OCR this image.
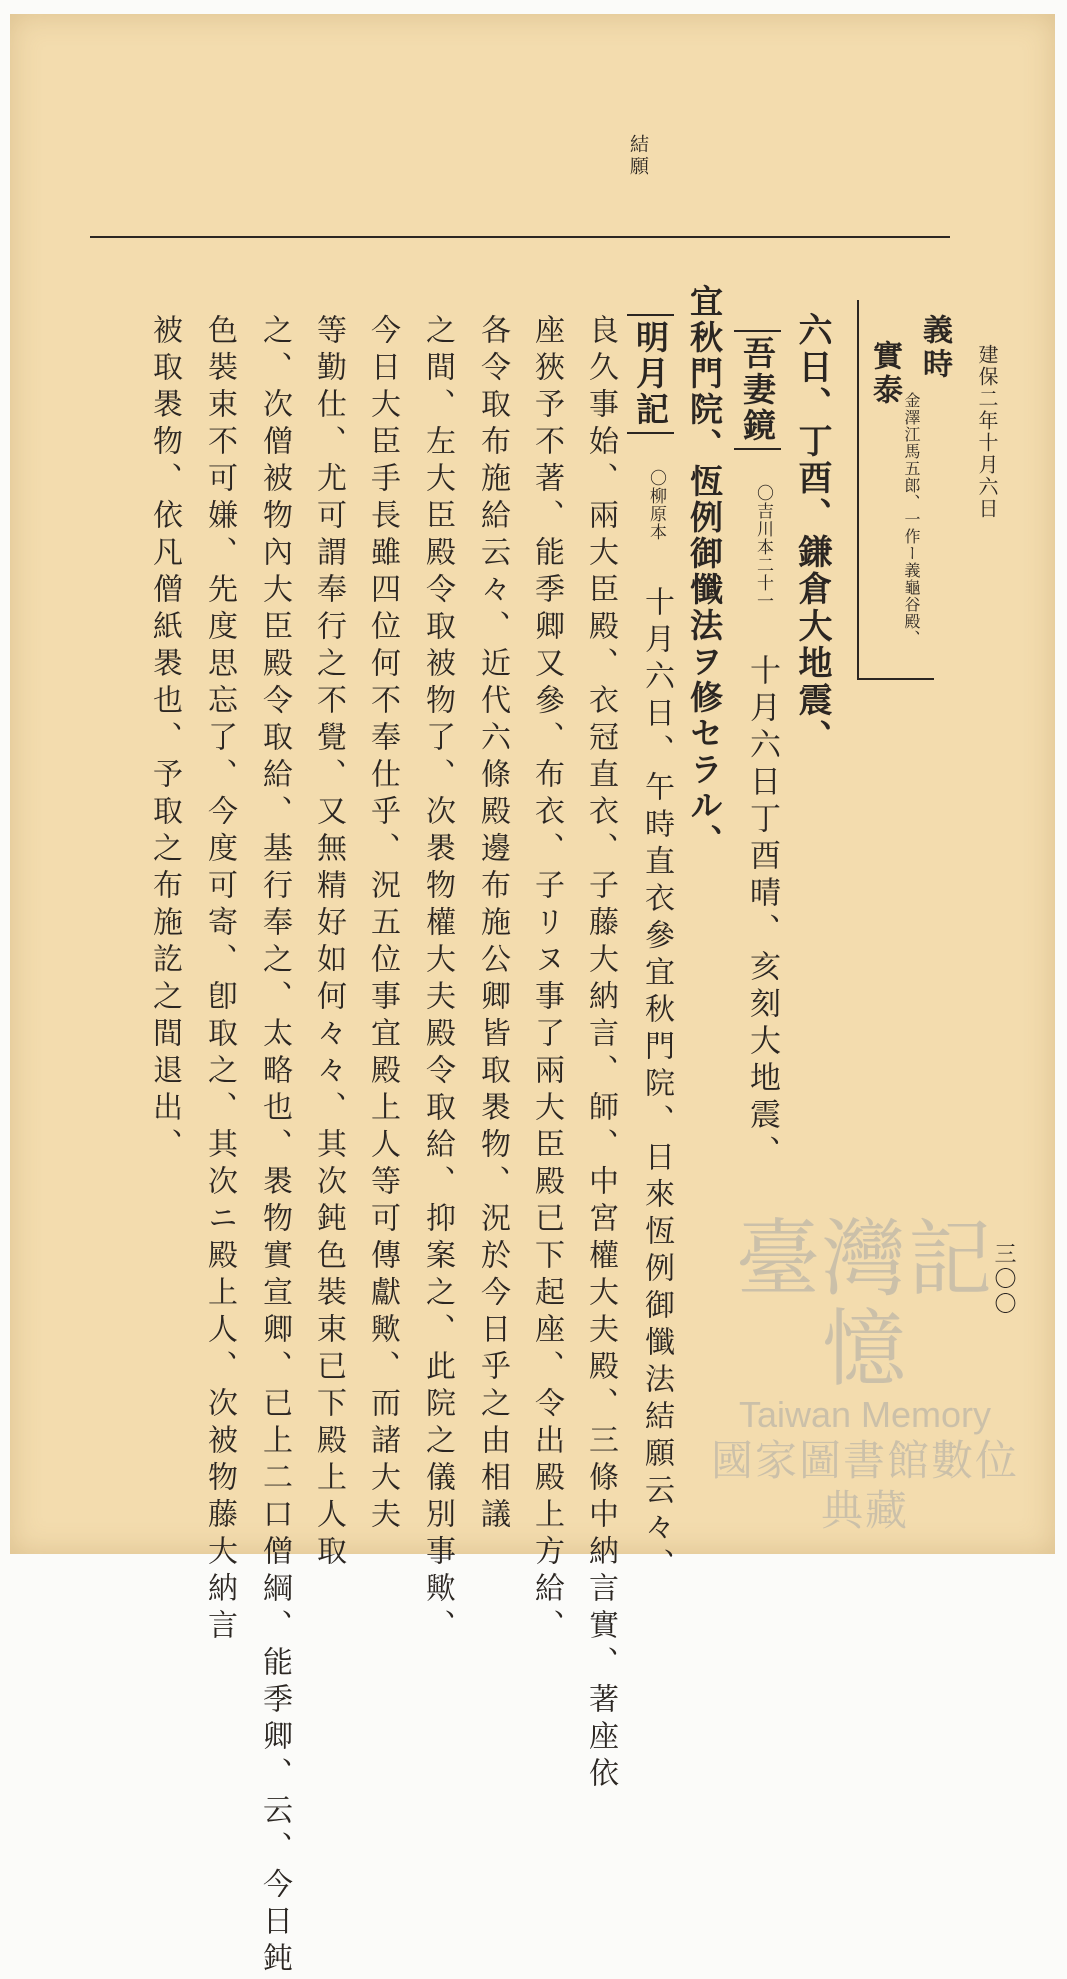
結願
建保二年十月六日
義時
實泰
金澤江馬五郎、一作ー義龜谷殿、
六日、丁酉、鎌倉大地震、
吾妻鏡
〇吉川本二十一
十月六日丁酉晴、亥刻大地震、
宜秋門院、恆例御懺法ヲ修セラル、
明月記
〇柳原本
十月六日、午時直衣參宜秋門院、日來恆例御懺法結願云々、
良久事始、兩大臣殿、衣冠直衣、子藤大納言、師、中宮權大夫殿、三條中納言實、著座依
座狹予不著、能季卿又參、布衣、子リヌ事了兩大臣殿已下起座、令出殿上方給、
各令取布施給云々、近代六條殿邊布施公卿皆取褁物、況於今日乎之由相議
之間、左大臣殿令取被物了、次褁物權大夫殿令取給、抑案之、此院之儀別事歟、
今日大臣手長雖四位何不奉仕乎、況五位事宜殿上人等可傳獻歟、而諸大夫
等勤仕、尤可謂奉行之不覺、又無精好如何々々、其次鈍色裝束已下殿上人取
之、次僧被物內大臣殿令取給、基行奉之、太略也、褁物實宣卿、已上二口僧綱、能季卿、云、今日鈍
色裝束不可嫌、先度思忘了、今度可寄、卽取之、其次ニ殿上人、次被物藤大納言
被取褁物、依凡僧紙褁也、予取之布施訖之間退出、
三〇〇
臺灣記憶
Taiwan Memory
國家圖書館數位典藏
